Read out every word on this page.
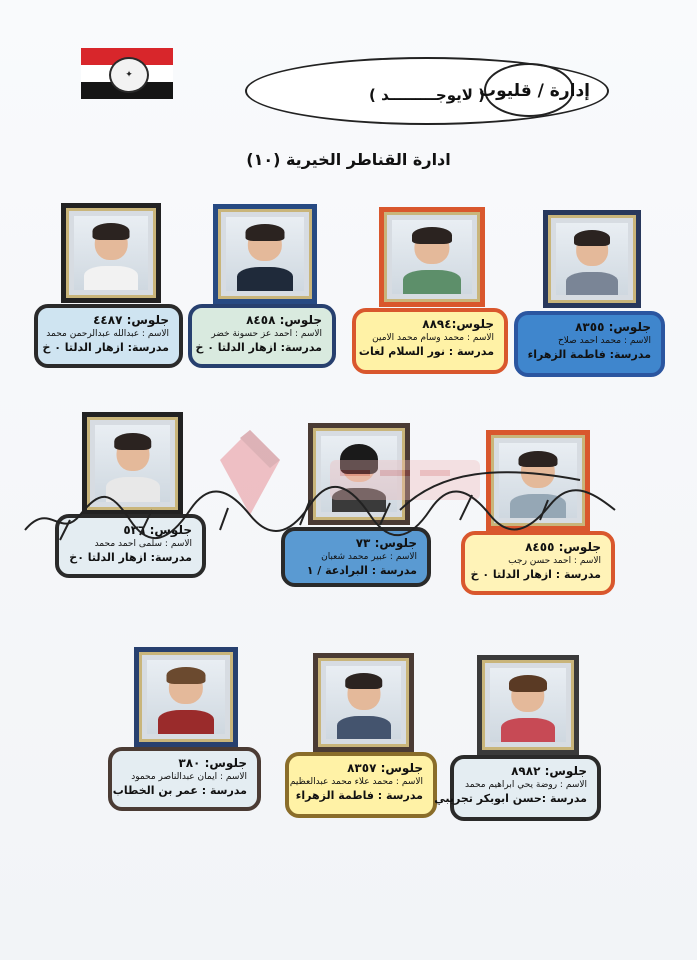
✦
إدارة / قليوب
( لايوجـــــــــد )
ادارة القناطر الخيرية (١٠)
جلوس: ٤٤٨٧
الاسم : عبدالله عبدالرحمن محمد
مدرسة: ازهار الدلتا ٠ خ
جلوس: ٨٤٥٨
الاسم : احمد عز حسونة خضر
مدرسة: ازهار الدلتا ٠ خ
جلوس:٨٨٩٤
الاسم : محمد وسام محمد الامين
مدرسة : نور السلام لغات
جلوس: ٨٣٥٥
الاسم : محمد احمد صلاح
مدرسة: فاطمة الزهراء
جلوس: ٥٣٦
الاسم : سلمى احمد محمد
مدرسة: ازهار الدلتا ٠خ
جلوس: ٧٣
الاسم : عبير محمد شعبان
مدرسة : البرادعة / ١
جلوس: ٨٤٥٥
الاسم : احمد حسن رجب
مدرسة : ازهار الدلتا ٠ خ
جلوس: ٣٨٠
الاسم : ايمان عبدالناصر محمود
مدرسة : عمر بن الخطاب
جلوس: ٨٣٥٧
الاسم : محمد علاء محمد عبدالعظيم
مدرسة : فاطمة الزهراء
جلوس: ٨٩٨٢
الاسم : روضة يحي ابراهيم محمد
مدرسة :حسن ابوبكر تجريبي
